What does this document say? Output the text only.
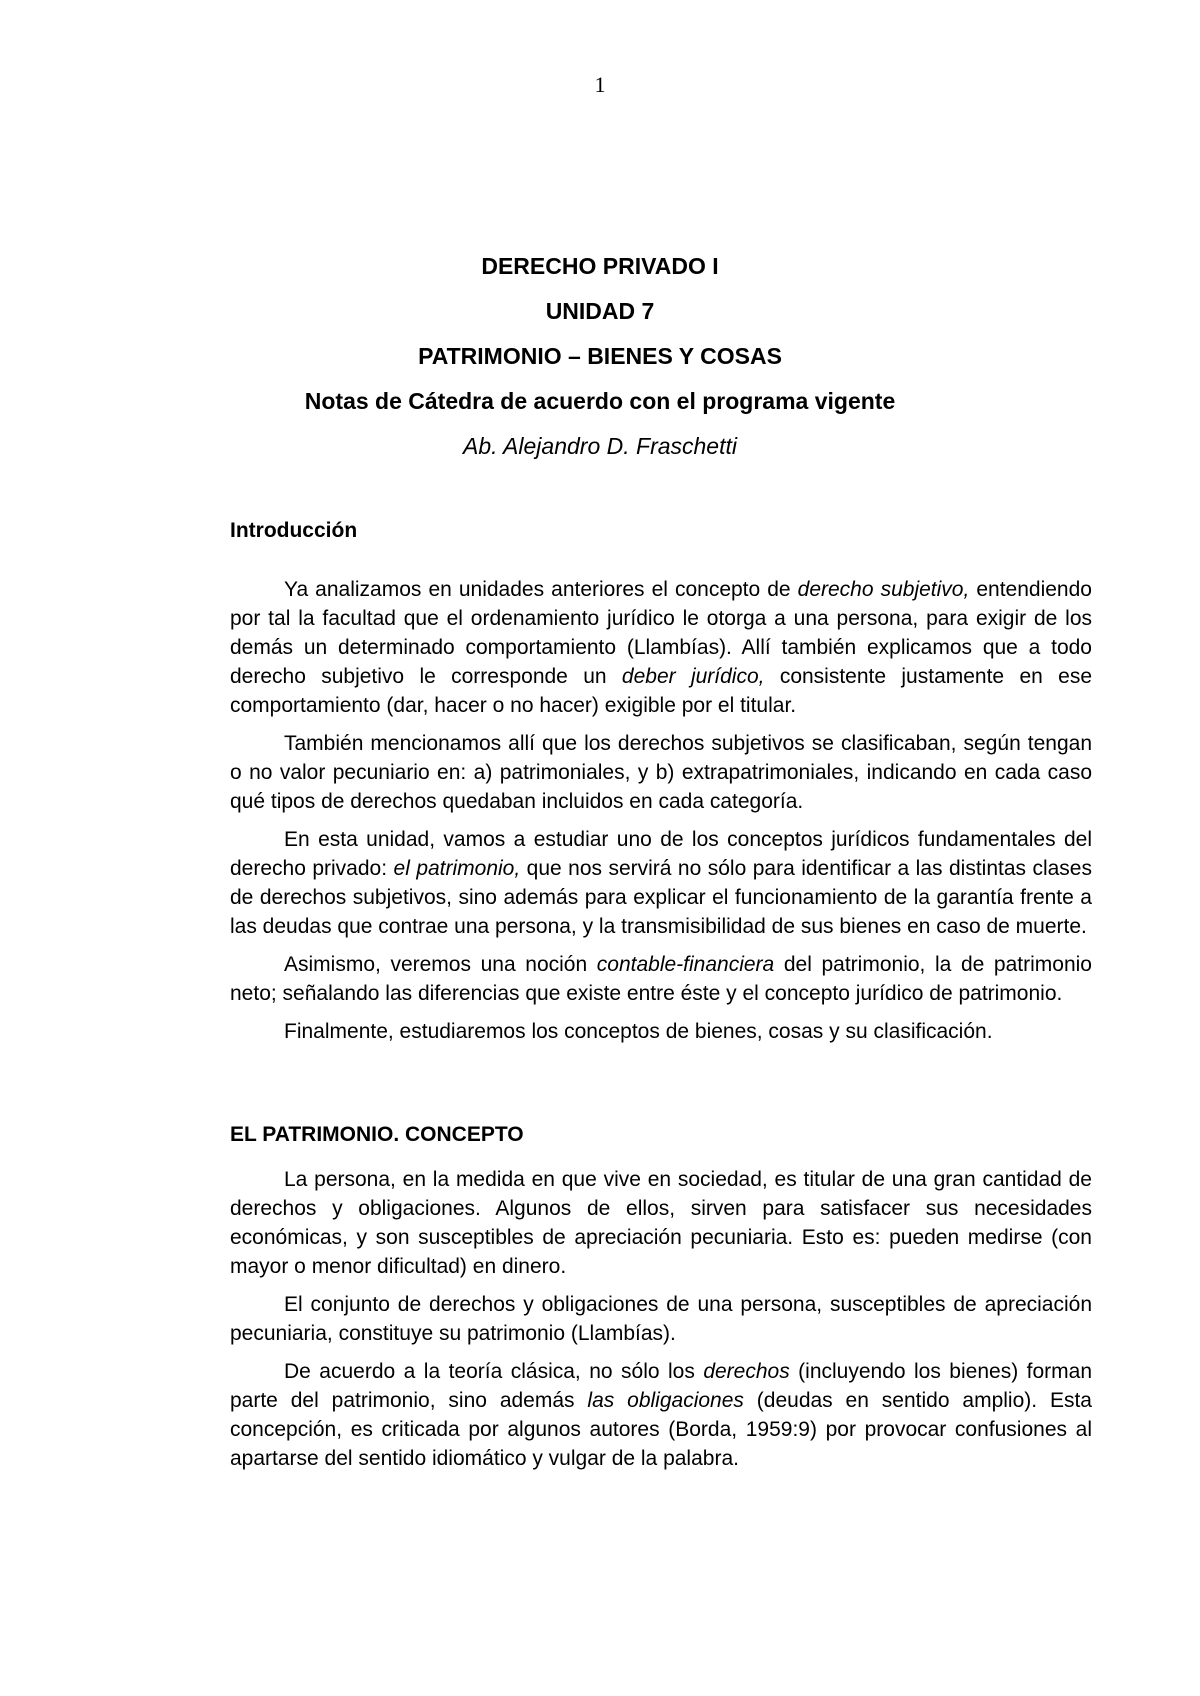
1
DERECHO PRIVADO I
UNIDAD 7
PATRIMONIO – BIENES Y COSAS
Notas de Cátedra de acuerdo con el programa vigente
Ab. Alejandro D. Fraschetti

Introducción

Ya analizamos en unidades anteriores el concepto de derecho subjetivo, entendiendo por tal la facultad que el ordenamiento jurídico le otorga a una persona, para exigir de los demás un determinado comportamiento (Llambías). Allí también explicamos que a todo derecho subjetivo le corresponde un deber jurídico, consistente justamente en ese comportamiento (dar, hacer o no hacer) exigible por el titular.

También mencionamos allí que los derechos subjetivos se clasificaban, según tengan o no valor pecuniario en: a) patrimoniales, y b) extrapatrimoniales, indicando en cada caso qué tipos de derechos quedaban incluidos en cada categoría.

En esta unidad, vamos a estudiar uno de los conceptos jurídicos fundamentales del derecho privado: el patrimonio, que nos servirá no sólo para identificar a las distintas clases de derechos subjetivos, sino además para explicar el funcionamiento de la garantía frente a las deudas que contrae una persona, y la transmisibilidad de sus bienes en caso de muerte.

Asimismo, veremos una noción contable-financiera del patrimonio, la de patrimonio neto; señalando las diferencias que existe entre éste y el concepto jurídico de patrimonio.

Finalmente, estudiaremos los conceptos de bienes, cosas y su clasificación.

EL PATRIMONIO. CONCEPTO

La persona, en la medida en que vive en sociedad, es titular de una gran cantidad de derechos y obligaciones. Algunos de ellos, sirven para satisfacer sus necesidades económicas, y son susceptibles de apreciación pecuniaria. Esto es: pueden medirse (con mayor o menor dificultad) en dinero.

El conjunto de derechos y obligaciones de una persona, susceptibles de apreciación pecuniaria, constituye su patrimonio (Llambías).

De acuerdo a la teoría clásica, no sólo los derechos (incluyendo los bienes) forman parte del patrimonio, sino además las obligaciones (deudas en sentido amplio). Esta concepción, es criticada por algunos autores (Borda, 1959:9) por provocar confusiones al apartarse del sentido idiomático y vulgar de la palabra.
